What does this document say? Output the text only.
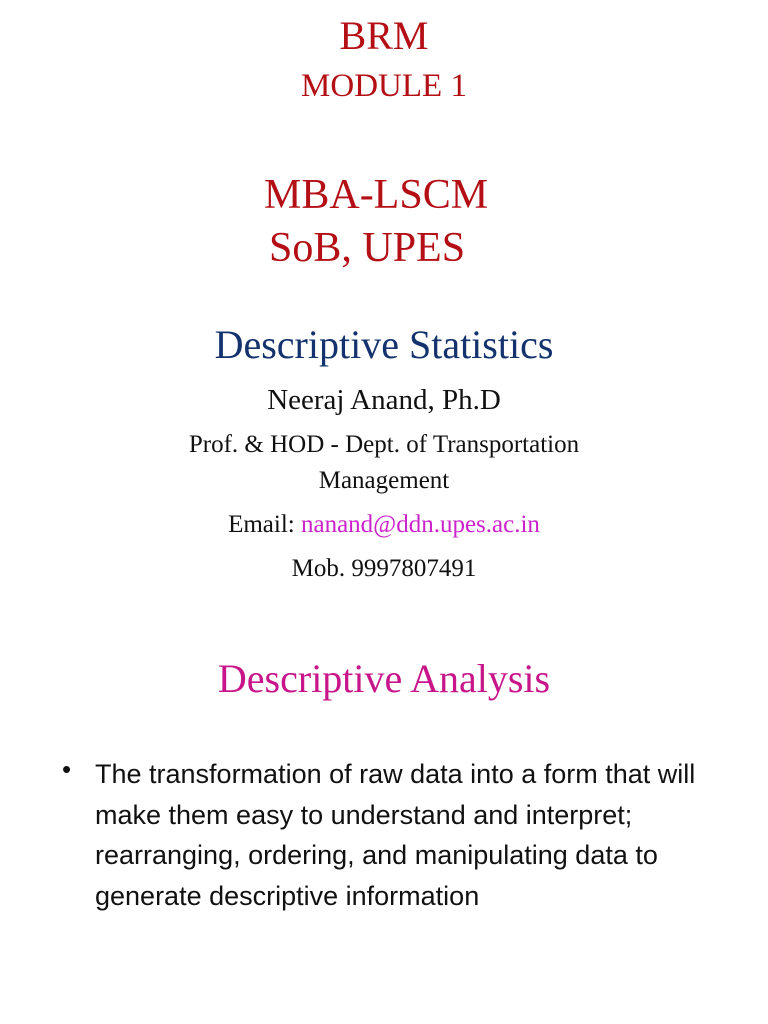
BRM
MODULE 1
MBA-LSCM
SoB, UPES
Descriptive Statistics
Neeraj Anand, Ph.D
Prof. & HOD - Dept. of Transportation
Management
Email: nanand@ddn.upes.ac.in
Mob. 9997807491
Descriptive Analysis
• The transformation of raw data into a form that will make them easy to understand and interpret; rearranging, ordering, and manipulating data to generate descriptive information
